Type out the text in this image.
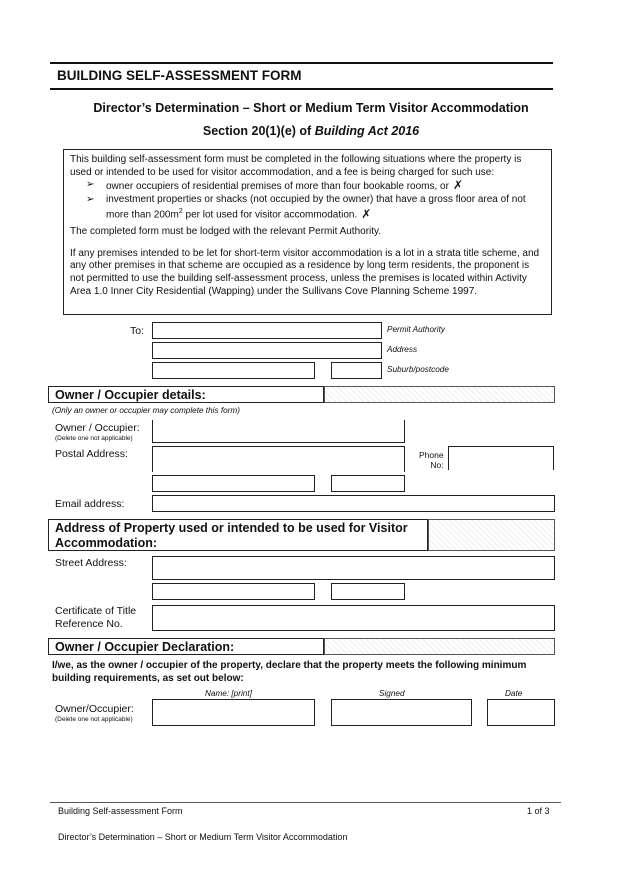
BUILDING SELF-ASSESSMENT FORM
Director’s Determination – Short or Medium Term Visitor Accommodation
Section 20(1)(e) of Building Act 2016

This building self-assessment form must be completed in the following situations where the property is used or intended to be used for visitor accommodation, and a fee is being charged for such use:

➢ owner occupiers of residential premises of more than four bookable rooms, or ✗
➢ investment properties or shacks (not occupied by the owner) that have a gross floor area of not more than $200m^2$ per lot used for visitor accommodation. ✗

The completed form must be lodged with the relevant Permit Authority.

If any premises intended to be let for short-term visitor accommodation is a lot in a strata title scheme, and any other premises in that scheme are occupied as a residence by long term residents, the proponent is not permitted to use the building self-assessment process, unless the premises is located within Activity Area 1.0 Inner City Residential (Wapping) under the Sullivans Cove Planning Scheme 1997.

To:	Permit Authority
Address
Suburb/postcode
Owner / Occupier details:
(Only an owner or occupier may complete this form)
Owner / Occupier:
(Delete one not applicable)
Postal Address:	Phone
No:
Email address:
Address of Property used or intended to be used for Visitor
Accommodation:
Street Address:
Certificate of Title
Reference No.
Owner / Occupier Declaration:
I/we, as the owner / occupier of the property, declare that the property meets the following minimum building requirements, as set out below:
Name: [print]	Signed	Date
Owner/Occupier:
(Delete one not applicable)
Building Self-assessment Form	1 of 3
Director’s Determination – Short or Medium Term Visitor Accommodation
